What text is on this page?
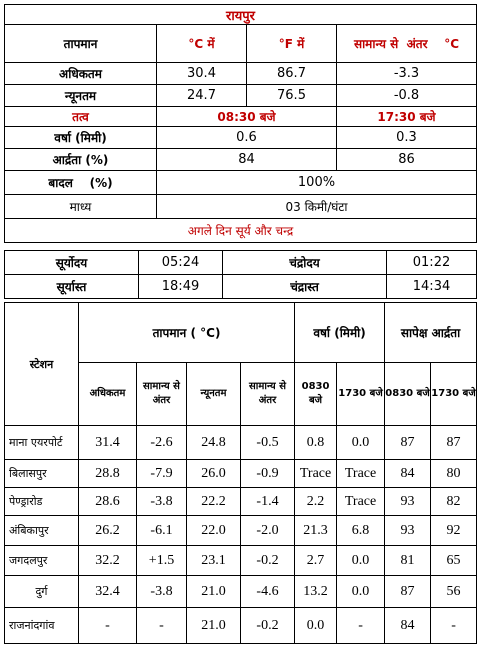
रायपुर			
तापमान	°C में	°F में	सामान्य से  अंतर    °C
अधिकतम	30.4	86.7	-3.3
न्यूनतम	24.7	76.5	-0.8
तत्व	08:30 बजे		17:30 बजे
वर्षा (मिमी)	0.6		0.3
आर्द्रता (%)	84		86
बादल    (%)	100%		
माध्य	03 किमी/घंटा		
अगले दिन सूर्य और चन्द्र			
सूर्योदय	05:24	चंद्रोदय	01:22
सूर्यास्त	18:49	चंद्रास्त	14:34
स्टेशन	तापमान ( °C)				वर्षा (मिमी)		सापेक्ष आर्द्रता	
	अधिकतम	सामान्य से अंतर	न्यूनतम	सामान्य से अंतर	0830 बजे	1730 बजे	0830 बजे	1730 बजे
माना एयरपोर्ट	31.4	-2.6	24.8	-0.5	0.8	0.0	87	87
बिलासपुर	28.8	-7.9	26.0	-0.9	Trace	Trace	84	80
पेण्ड्रारोड	28.6	-3.8	22.2	-1.4	2.2	Trace	93	82
अंबिकापुर	26.2	-6.1	22.0	-2.0	21.3	6.8	93	92
जगदलपुर	32.2	+1.5	23.1	-0.2	2.7	0.0	81	65
दुर्ग	32.4	-3.8	21.0	-4.6	13.2	0.0	87	56
राजनांदगांव	-	-	21.0	-0.2	0.0	-	84	-
